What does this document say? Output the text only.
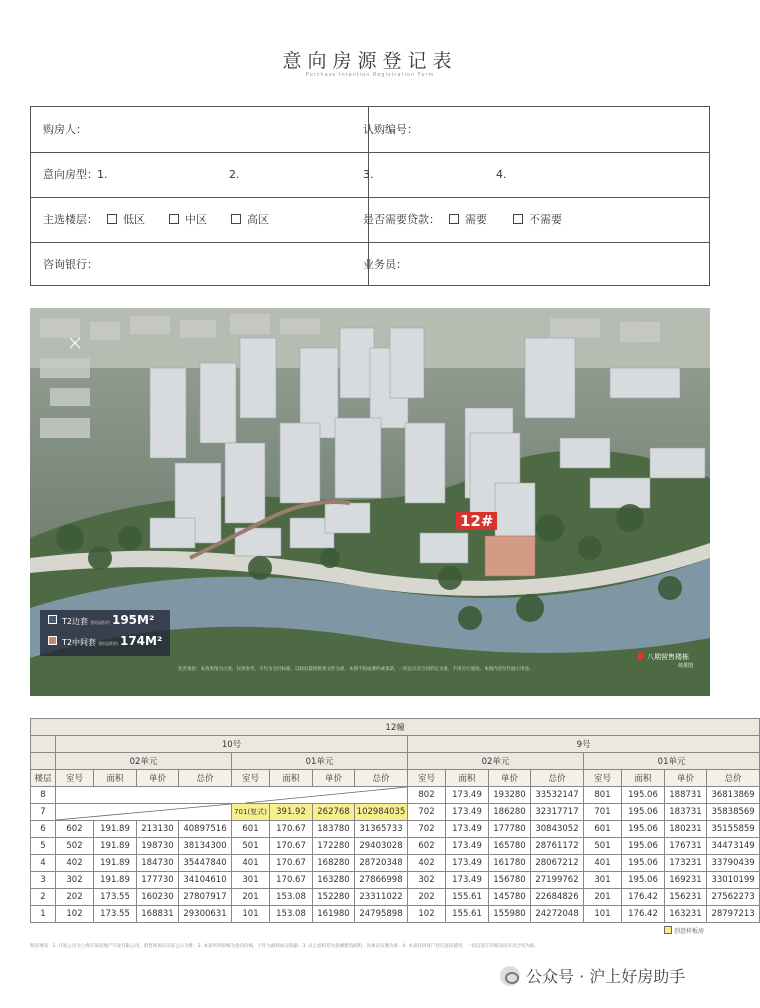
意向房源登记表
Purchase Intention Registration Form
购房人：	认购编号：
意向房型： 1.	2.	3.	4.
主选楼层：	低区	中区	高区	是否需要贷款：	需要	不需要
咨询银行：	业务员：
T2边套 建筑面积约 195M²
T2中间套 建筑面积约 174M²
12#
八期营售楼栋
效果图
免责条款：本效果图为示意，仅供参考，不作为交付标准。以政府最终批准文件为准，本图不构成要约或承诺，一切以买卖合同约定为准，不再另行通知。本图内容仅作展示用途。
12幢																
	10号								9号							
	02单元				01单元				02单元				01单元			
楼层	室号	面积	单价	总价	室号	面积	单价	总价	室号	面积	单价	总价	室号	面积	单价	总价
8									802	173.49	193280	33532147	801	195.06	188731	36813869
7					701(复式)	391.92	262768	102984035	702	173.49	186280	32317717	701	195.06	183731	35838569
6	602	191.89	213130	40897516	601	170.67	183780	31365733	702	173.49	177780	30843052	601	195.06	180231	35155859
5	502	191.89	198730	38134300	501	170.67	172280	29403028	602	173.49	165780	28761172	501	195.06	176731	34473149
4	402	191.89	184730	35447840	401	170.67	168280	28720348	402	173.49	161780	28067212	401	195.06	173231	33790439
3	302	191.89	177730	34104610	301	170.67	163280	27866998	302	173.49	156780	27199762	301	195.06	169231	33010199
2	202	173.55	160230	27807917	201	153.08	152280	23311022	202	155.61	145780	22684826	201	176.42	156231	27562273
1	102	173.55	168831	29300631	101	153.08	161980	24795898	102	155.61	155980	24272048	101	176.42	163231	28797213
创意样板房
购房须知：1. 开发公司为上海市某房地产开发有限公司，销售现场以实际公示为准；2. 本表所列价格为意向价格，不作为最终成交依据；3. 以上面积均为预测建筑面积，具体以实测为准；4. 本表仅供客户登记意向使用，一切以签订的商品房买卖合同为准。
公众号 · 沪上好房助手
